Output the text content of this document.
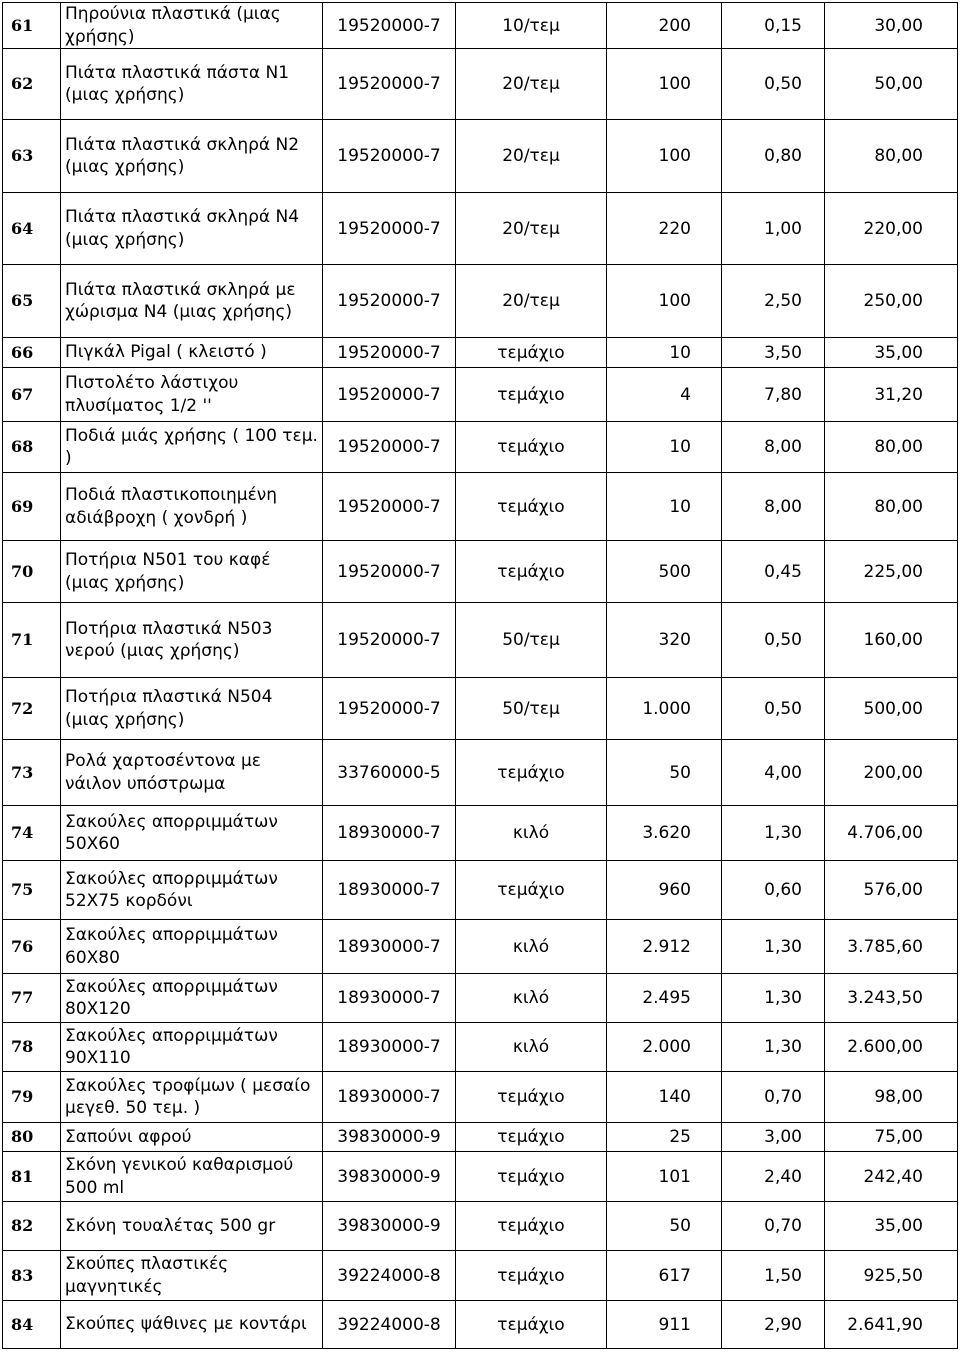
61	Πηρούνια πλαστικά (μιας χρήσης)	19520000-7	10/τεμ	200	0,15	30,00
62	Πιάτα πλαστικά πάστα Ν1 (μιας χρήσης)	19520000-7	20/τεμ	100	0,50	50,00
63	Πιάτα πλαστικά σκληρά Ν2 (μιας χρήσης)	19520000-7	20/τεμ	100	0,80	80,00
64	Πιάτα πλαστικά σκληρά Ν4 (μιας χρήσης)	19520000-7	20/τεμ	220	1,00	220,00
65	Πιάτα πλαστικά σκληρά με χώρισμα Ν4 (μιας χρήσης)	19520000-7	20/τεμ	100	2,50	250,00
66	Πιγκάλ Pigal ( κλειστό )	19520000-7	τεμάχιο	10	3,50	35,00
67	Πιστολέτο λάστιχου πλυσίματος 1/2 ''	19520000-7	τεμάχιο	4	7,80	31,20
68	Ποδιά μιάς χρήσης ( 100 τεμ. )	19520000-7	τεμάχιο	10	8,00	80,00
69	Ποδιά πλαστικοποιημένη αδιάβροχη ( χονδρή )	19520000-7	τεμάχιο	10	8,00	80,00
70	Ποτήρια Ν501 του καφέ (μιας χρήσης)	19520000-7	τεμάχιο	500	0,45	225,00
71	Ποτήρια πλαστικά Ν503 νερού (μιας χρήσης)	19520000-7	50/τεμ	320	0,50	160,00
72	Ποτήρια πλαστικά Ν504 (μιας χρήσης)	19520000-7	50/τεμ	1.000	0,50	500,00
73	Ρολά χαρτοσέντονα με νάιλον υπόστρωμα	33760000-5	τεμάχιο	50	4,00	200,00
74	Σακούλες απορριμμάτων 50Χ60	18930000-7	κιλό	3.620	1,30	4.706,00
75	Σακούλες απορριμμάτων 52Χ75 κορδόνι	18930000-7	τεμάχιο	960	0,60	576,00
76	Σακούλες απορριμμάτων 60Χ80	18930000-7	κιλό	2.912	1,30	3.785,60
77	Σακούλες απορριμμάτων 80Χ120	18930000-7	κιλό	2.495	1,30	3.243,50
78	Σακούλες απορριμμάτων 90Χ110	18930000-7	κιλό	2.000	1,30	2.600,00
79	Σακούλες τροφίμων ( μεσαίο μεγεθ. 50 τεμ. )	18930000-7	τεμάχιο	140	0,70	98,00
80	Σαπούνι αφρού	39830000-9	τεμάχιο	25	3,00	75,00
81	Σκόνη γενικού καθαρισμού 500 ml	39830000-9	τεμάχιο	101	2,40	242,40
82	Σκόνη τουαλέτας 500 gr	39830000-9	τεμάχιο	50	0,70	35,00
83	Σκούπες πλαστικές μαγνητικές	39224000-8	τεμάχιο	617	1,50	925,50
84	Σκούπες ψάθινες με κοντάρι	39224000-8	τεμάχιο	911	2,90	2.641,90
